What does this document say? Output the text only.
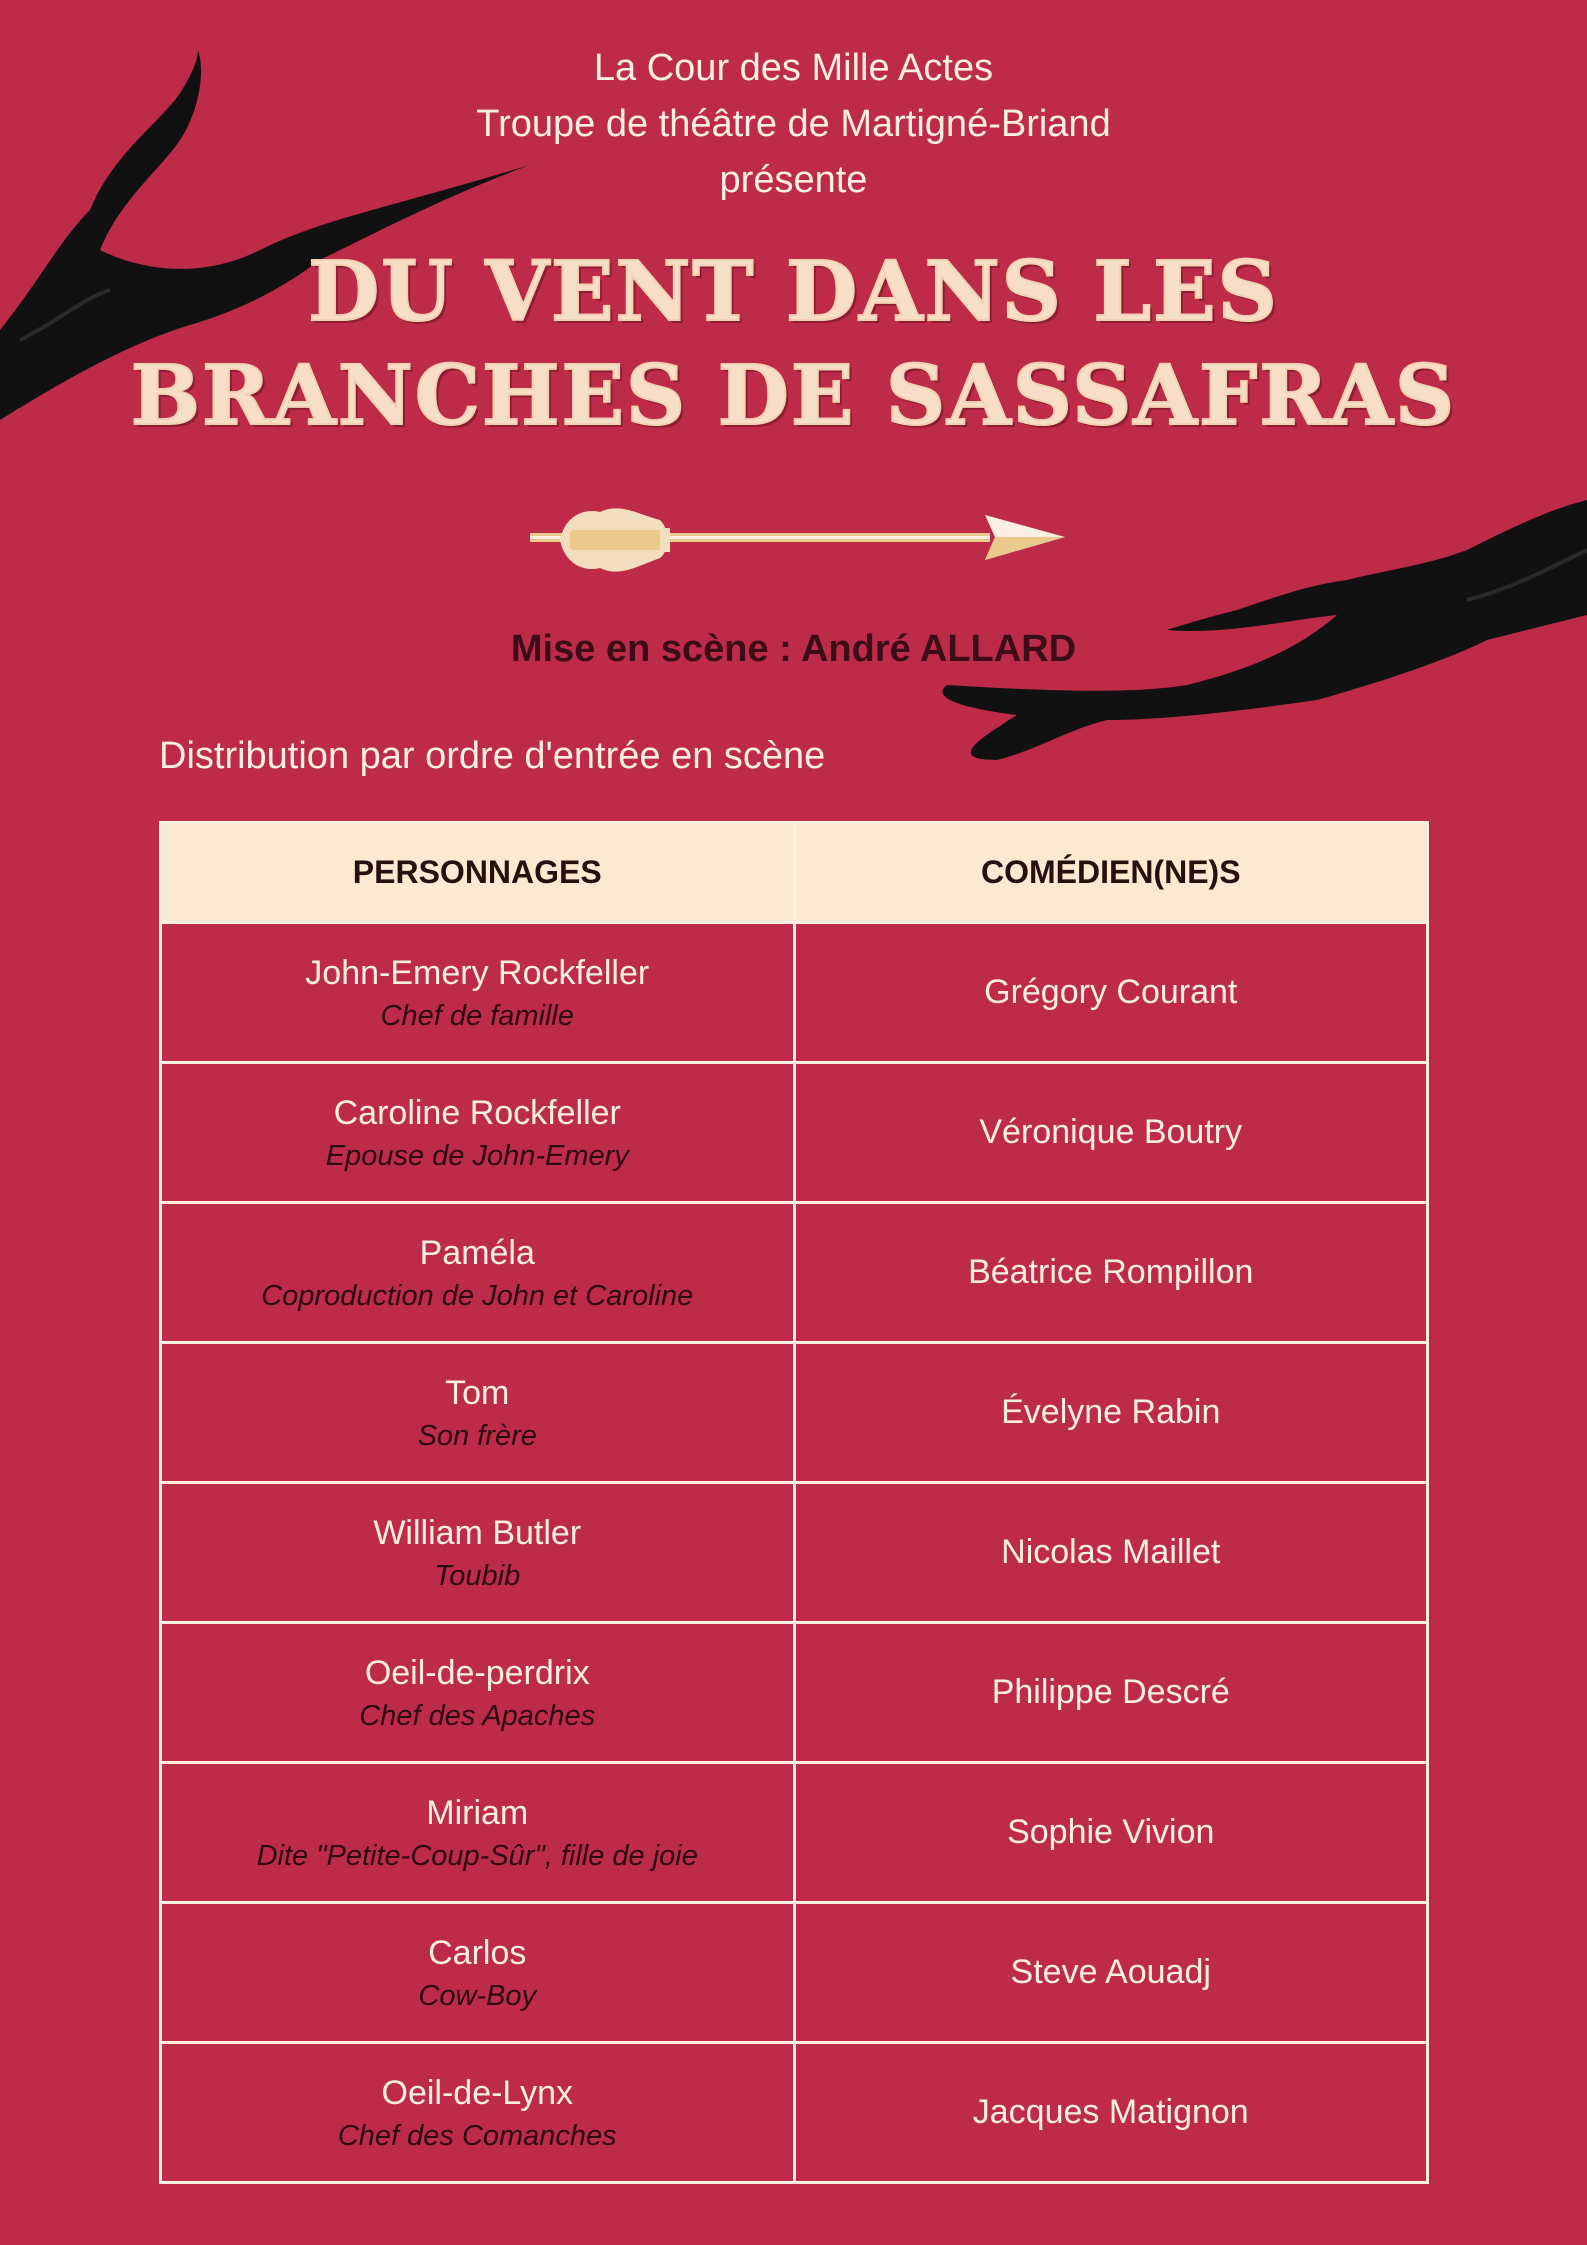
La Cour des Mille Actes
Troupe de théâtre de Martigné-Briand
présente
DU VENT DANS LES
BRANCHES DE SASSAFRAS
Mise en scène : André ALLARD
Distribution par ordre d'entrée en scène
PERSONNAGES	COMÉDIEN(NE)S

John-Emery Rockfeller
Chef de famille	Grégory Courant

Caroline Rockfeller
Epouse de John-Emery	Véronique Boutry

Paméla
Coproduction de John et Caroline	Béatrice Rompillon

Tom
Son frère	Évelyne Rabin

William Butler
Toubib	Nicolas Maillet

Oeil-de-perdrix
Chef des Apaches	Philippe Descré

Miriam
Dite "Petite-Coup-Sûr", fille de joie	Sophie Vivion

Carlos
Cow-Boy	Steve Aouadj

Oeil-de-Lynx
Chef des Comanches	Jacques Matignon
